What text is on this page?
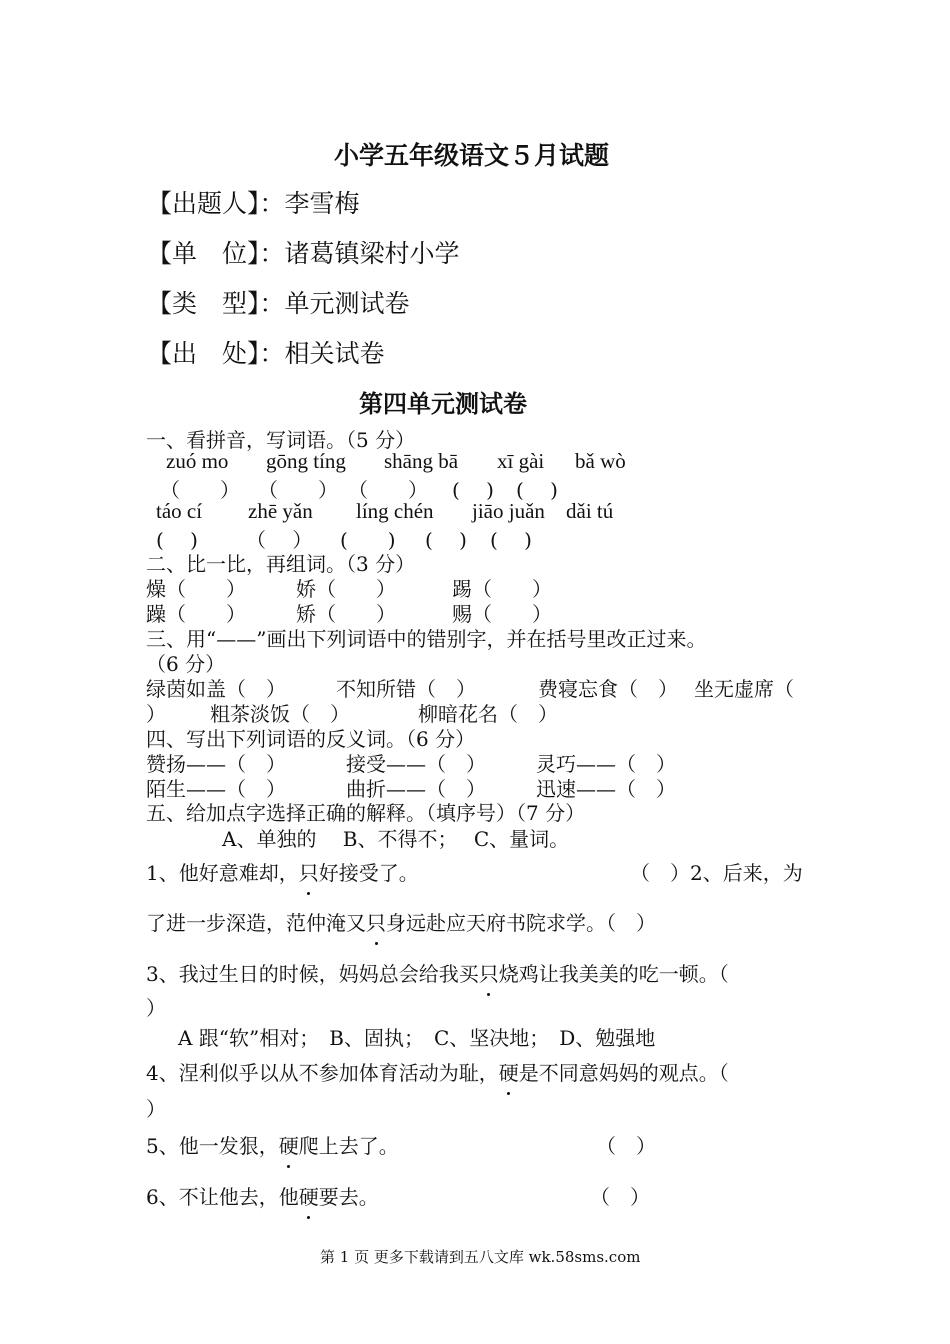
小学五年级语文５月试题
【出题人】：李雪梅
【单　位】：诸葛镇梁村小学
【类　型】：单元测试卷
【出　处】：相关试卷
第四单元测试卷
一、看拼音，写词语。（5 分）
zuó mo gōng tíng shāng bā xī gài bǎ wò
（　　） （　　） （　　） (　 ) (　 )
táo cí zhē yǎn líng chén jiāo juǎn dǎi tú
(　 ) （　 ） (　　) (　 ) (　 )
二、比一比，再组词。（3 分）
燥（　　）	娇（　　）	踢（　　）
躁（　　）	矫（　　）	赐（　　）
三、用“——”画出下列词语中的错别字，并在括号里改正过来。
（6 分）
绿茵如盖（　）	不知所错（　）	费寝忘食（　） 坐无虚席（
） 粗茶淡饭（　）	柳暗花名（　）
四、写出下列词语的反义词。（6 分）
赞扬——（　）	接受——（　）	灵巧——（　）
陌生——（　）	曲折——（　）	迅速——（　）
五、给加点字选择正确的解释。（填序号）（7 分）
A、单独的　 B、不得不；　 C、量词。
1、他好意难却，只好接受了。	（　）2、后来，为
了进一步深造，范仲淹又只身远赴应天府书院求学。（　）
3、我过生日的时候，妈妈总会给我买只烧鸡让我美美的吃一顿。（
）
A 跟“软”相对；　B、固执；　C、坚决地；　D、勉强地
4、涅利似乎以从不参加体育活动为耻，硬是不同意妈妈的观点。（
）
5、他一发狠，硬爬上去了。	（　）
6、不让他去，他硬要去。	（　）
第 1 页 更多下载请到五八文库 wk.58sms.com
